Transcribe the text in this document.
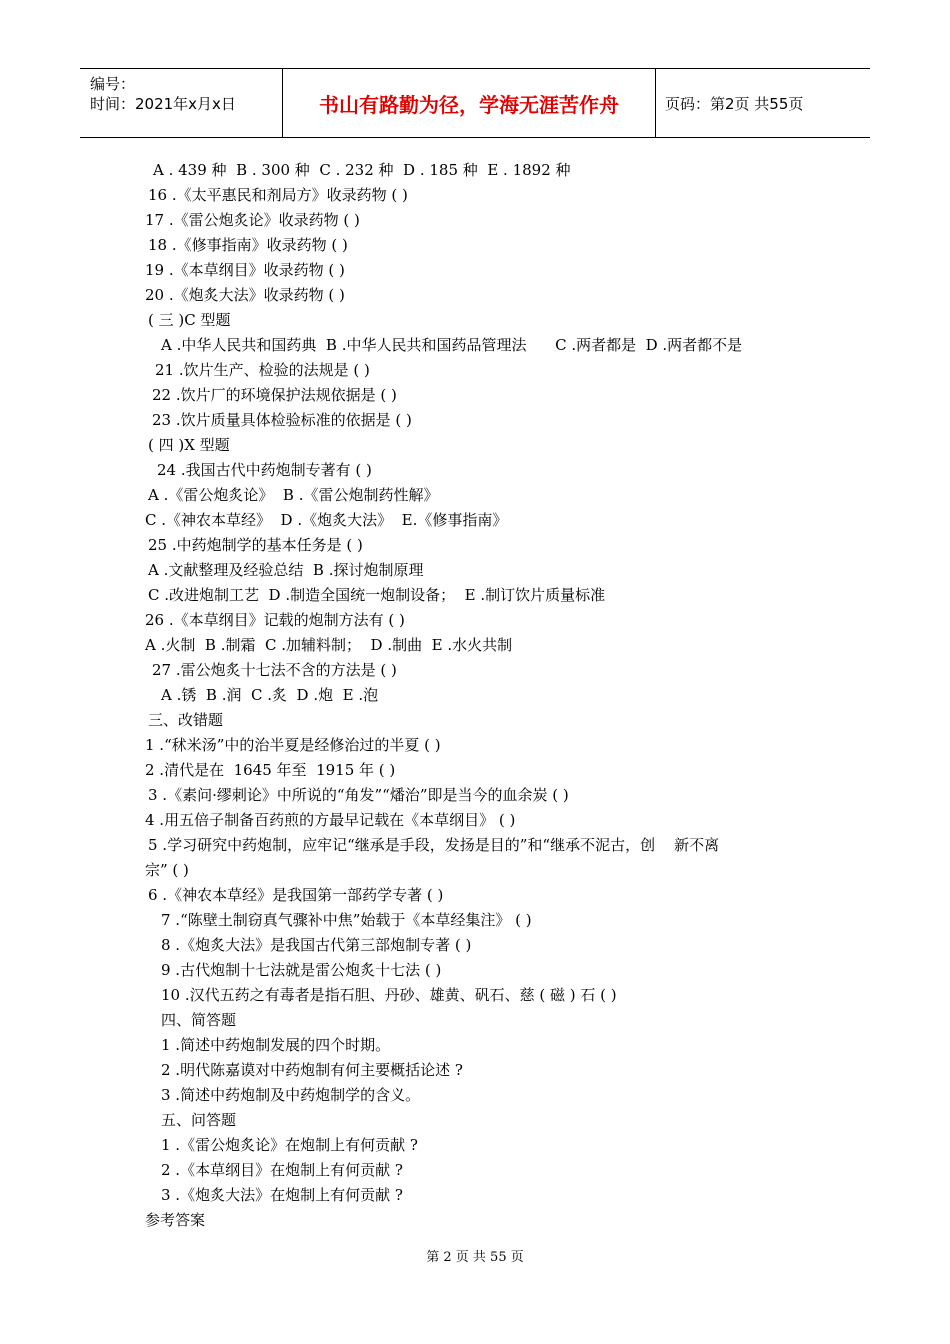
编号：
时间：2021年x月x日	书山有路勤为径，学海无涯苦作舟	页码：第2页 共55页
A . 439 种  B . 300 种  C . 232 种  D . 185 种  E . 1892 种
16 .《太平惠民和剂局方》收录药物 ( )
17 .《雷公炮炙论》收录药物 ( )
18 .《修事指南》收录药物 ( )
19 .《本草纲目》收录药物 ( )
20 .《炮炙大法》收录药物 ( )
( 三 )C 型题
A .中华人民共和国药典  B .中华人民共和国药品管理法      C .两者都是  D .两者都不是
21 .饮片生产、检验的法规是 ( )
22 .饮片厂的环境保护法规依据是 ( )
23 .饮片质量具体检验标准的依据是 ( )
( 四 )X 型题
24 .我国古代中药炮制专著有 ( )
A .《雷公炮炙论》  B .《雷公炮制药性解》
C .《神农本草经》  D .《炮炙大法》  E.《修事指南》
25 .中药炮制学的基本任务是 ( )
A .文献整理及经验总结  B .探讨炮制原理
C .改进炮制工艺  D .制造全国统一炮制设备；  E .制订饮片质量标准
26 .《本草纲目》记载的炮制方法有 ( )
A .火制  B .制霜  C .加辅料制；  D .制曲  E .水火共制
27 .雷公炮炙十七法不含的方法是 ( )
A .锈  B .润  C .炙  D .炮  E .泡
三、改错题
1 .“秫米汤”中的治半夏是经修治过的半夏 ( )
2 .清代是在  1645 年至  1915 年 ( )
3 .《素问·缪刺论》中所说的“角发”“燔治”即是当今的血余炭 ( )
4 .用五倍子制备百药煎的方最早记载在《本草纲目》 ( )
5 .学习研究中药炮制，应牢记“继承是手段，发扬是目的”和“继承不泥古，创    新不离
宗” ( )
6 .《神农本草经》是我国第一部药学专著 ( )
7 .“陈壁土制窃真气骤补中焦”始载于《本草经集注》 ( )
8 .《炮炙大法》是我国古代第三部炮制专著 ( )
9 .古代炮制十七法就是雷公炮炙十七法 ( )
10 .汉代五药之有毒者是指石胆、丹砂、雄黄、矾石、慈 ( 磁 ) 石 ( )
四、简答题
1 .简述中药炮制发展的四个时期。
2 .明代陈嘉谟对中药炮制有何主要概括论述 ?
3 .简述中药炮制及中药炮制学的含义。
五、问答题
1 .《雷公炮炙论》在炮制上有何贡献 ?
2 .《本草纲目》在炮制上有何贡献 ?
3 .《炮炙大法》在炮制上有何贡献 ?
参考答案
第 2 页 共 55 页
